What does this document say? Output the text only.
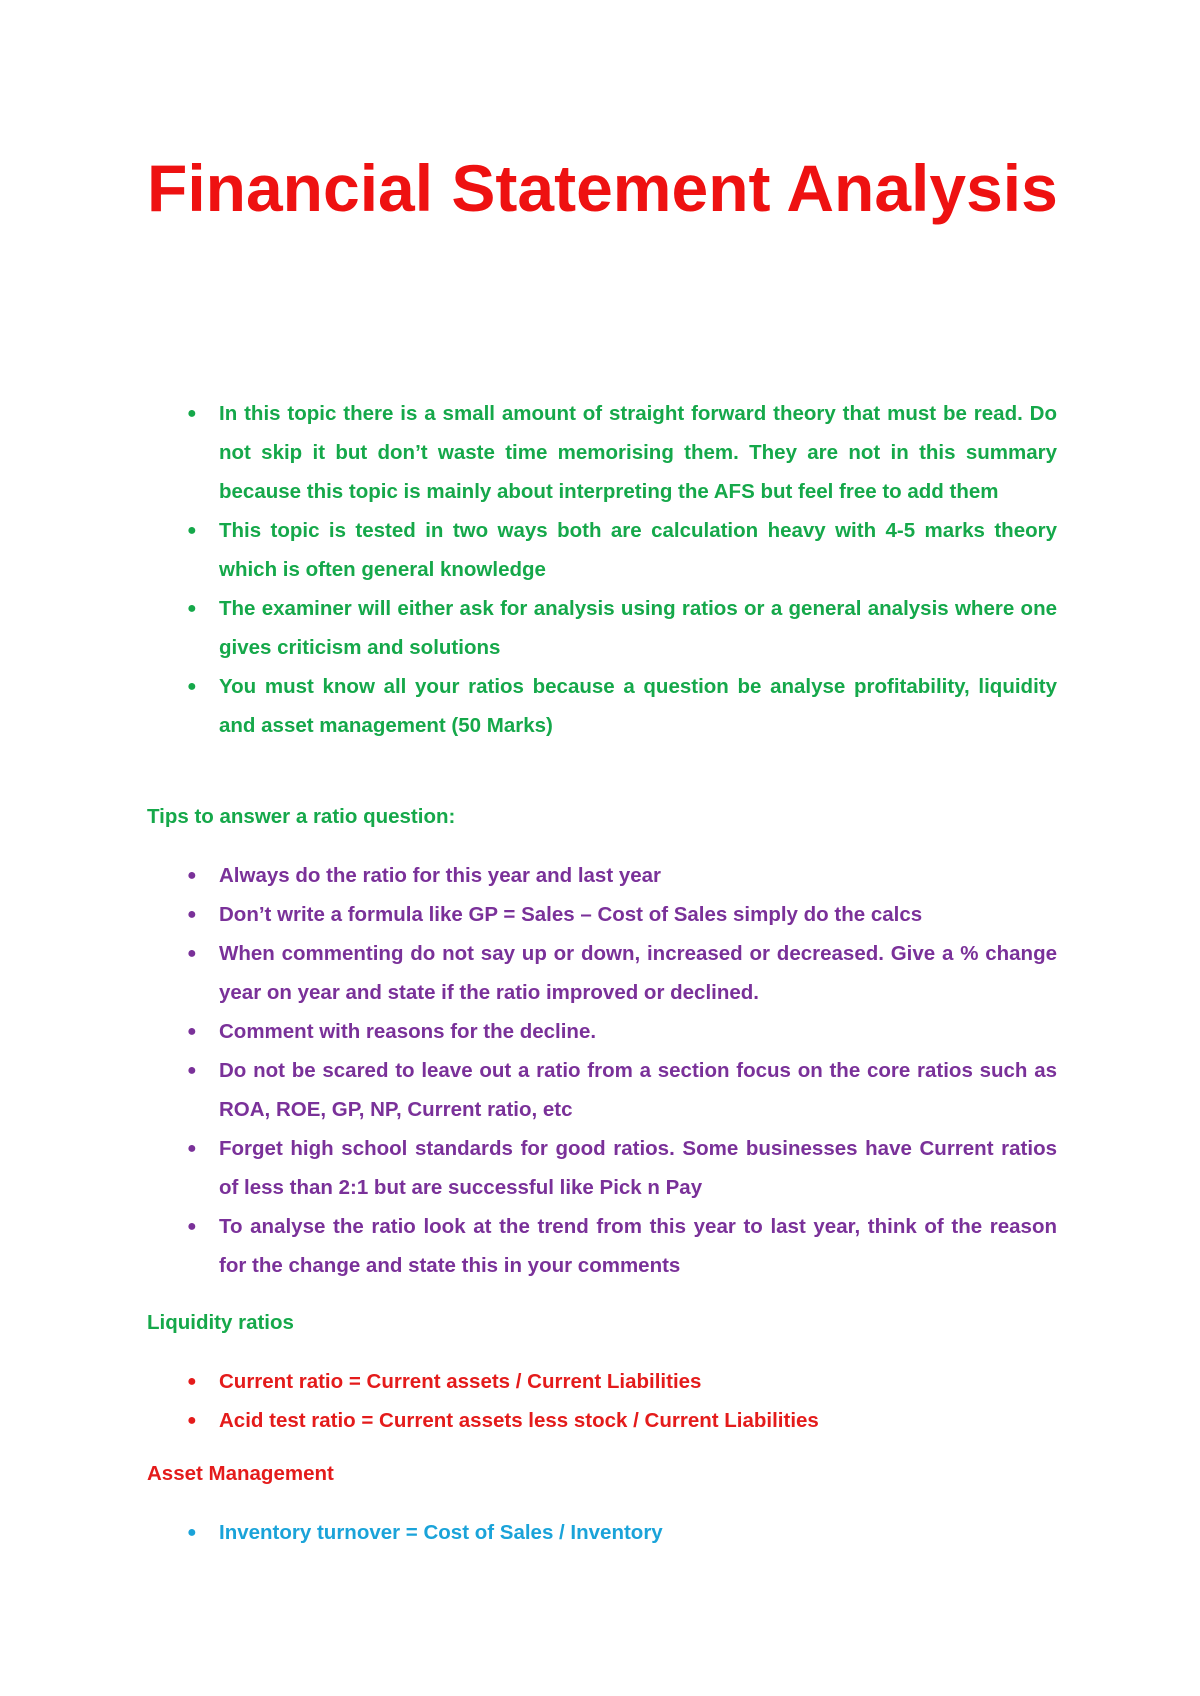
Financial Statement Analysis
● In this topic there is a small amount of straight forward theory that must be read. Do not skip it but don’t waste time memorising them. They are not in this summary because this topic is mainly about interpreting the AFS but feel free to add them
● This topic is tested in two ways both are calculation heavy with 4-5 marks theory which is often general knowledge
● The examiner will either ask for analysis using ratios or a general analysis where one gives criticism and solutions
● You must know all your ratios because a question be analyse profitability, liquidity and asset management (50 Marks)
Tips to answer a ratio question:
● Always do the ratio for this year and last year
● Don’t write a formula like GP = Sales – Cost of Sales simply do the calcs
● When commenting do not say up or down, increased or decreased. Give a % change year on year and state if the ratio improved or declined.
● Comment with reasons for the decline.
● Do not be scared to leave out a ratio from a section focus on the core ratios such as ROA, ROE, GP, NP, Current ratio, etc
● Forget high school standards for good ratios. Some businesses have Current ratios of less than 2:1 but are successful like Pick n Pay
● To analyse the ratio look at the trend from this year to last year, think of the reason for the change and state this in your comments
Liquidity ratios
● Current ratio = Current assets / Current Liabilities
● Acid test ratio = Current assets less stock / Current Liabilities
Asset Management
● Inventory turnover = Cost of Sales / Inventory
